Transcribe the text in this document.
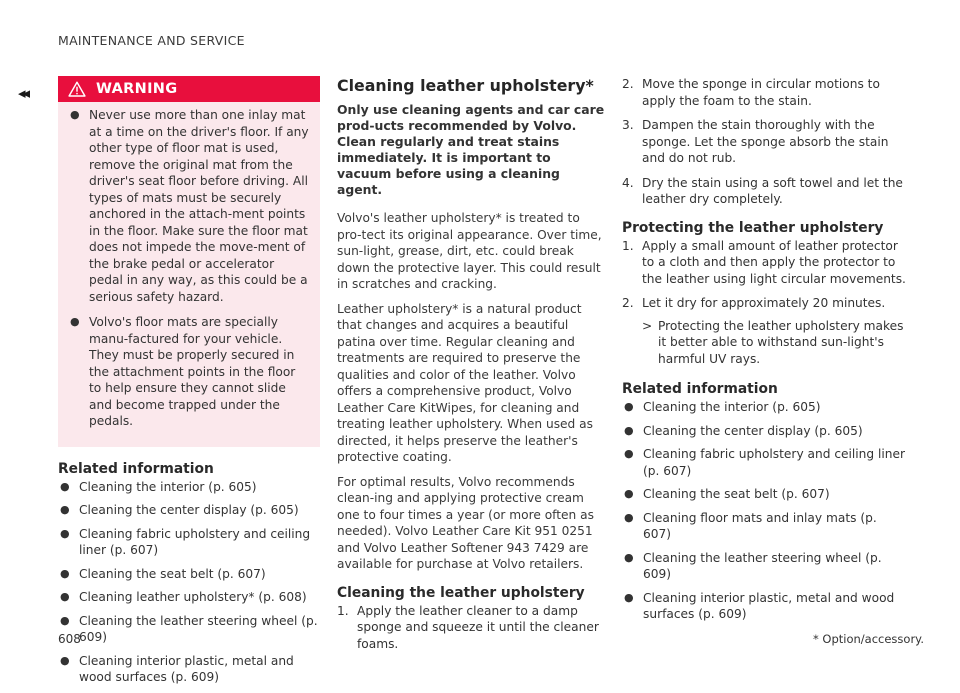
MAINTENANCE AND SERVICE
◂◂	WARNING
● Never use more than one inlay mat at a time on the driver's floor. If any other type of floor mat is used, remove the original mat from the driver's seat floor before driving. All types of mats must be securely anchored in the attach-ment points in the floor. Make sure the floor mat does not impede the move-ment of the brake pedal or accelerator pedal in any way, as this could be a serious safety hazard.
● Volvo's floor mats are specially manu-factured for your vehicle. They must be properly secured in the attachment points in the floor to help ensure they cannot slide and become trapped under the pedals.
Related information
● Cleaning the interior (p. 605)
● Cleaning the center display (p. 605)
● Cleaning fabric upholstery and ceiling liner (p. 607)
● Cleaning the seat belt (p. 607)
● Cleaning leather upholstery* (p. 608)
● Cleaning the leather steering wheel (p. 609)
● Cleaning interior plastic, metal and wood surfaces (p. 609)
Cleaning leather upholstery*

Only use cleaning agents and car care prod-ucts recommended by Volvo. Clean regularly and treat stains immediately. It is important to vacuum before using a cleaning agent.

Volvo's leather upholstery* is treated to pro-tect its original appearance. Over time, sun-light, grease, dirt, etc. could break down the protective layer. This could result in scratches and cracking.

Leather upholstery* is a natural product that changes and acquires a beautiful patina over time. Regular cleaning and treatments are required to preserve the qualities and color of the leather. Volvo offers a comprehensive product, Volvo Leather Care KitWipes, for cleaning and treating leather upholstery. When used as directed, it helps preserve the leather's protective coating.

For optimal results, Volvo recommends clean-ing and applying protective cream one to four times a year (or more often as needed). Volvo Leather Care Kit 951 0251 and Volvo Leather Softener 943 7429 are available for purchase at Volvo retailers.

Cleaning the leather upholstery
1. Apply the leather cleaner to a damp sponge and squeeze it until the cleaner foams.
2. Move the sponge in circular motions to apply the foam to the stain.
3. Dampen the stain thoroughly with the sponge. Let the sponge absorb the stain and do not rub.
4. Dry the stain using a soft towel and let the leather dry completely.
Protecting the leather upholstery
1. Apply a small amount of leather protector to a cloth and then apply the protector to the leather using light circular movements.
2. Let it dry for approximately 20 minutes.
> Protecting the leather upholstery makes it better able to withstand sun-light's harmful UV rays.
Related information
● Cleaning the interior (p. 605)
● Cleaning the center display (p. 605)
● Cleaning fabric upholstery and ceiling liner (p. 607)
● Cleaning the seat belt (p. 607)
● Cleaning floor mats and inlay mats (p. 607)
● Cleaning the leather steering wheel (p. 609)
● Cleaning interior plastic, metal and wood surfaces (p. 609)
608	* Option/accessory.
